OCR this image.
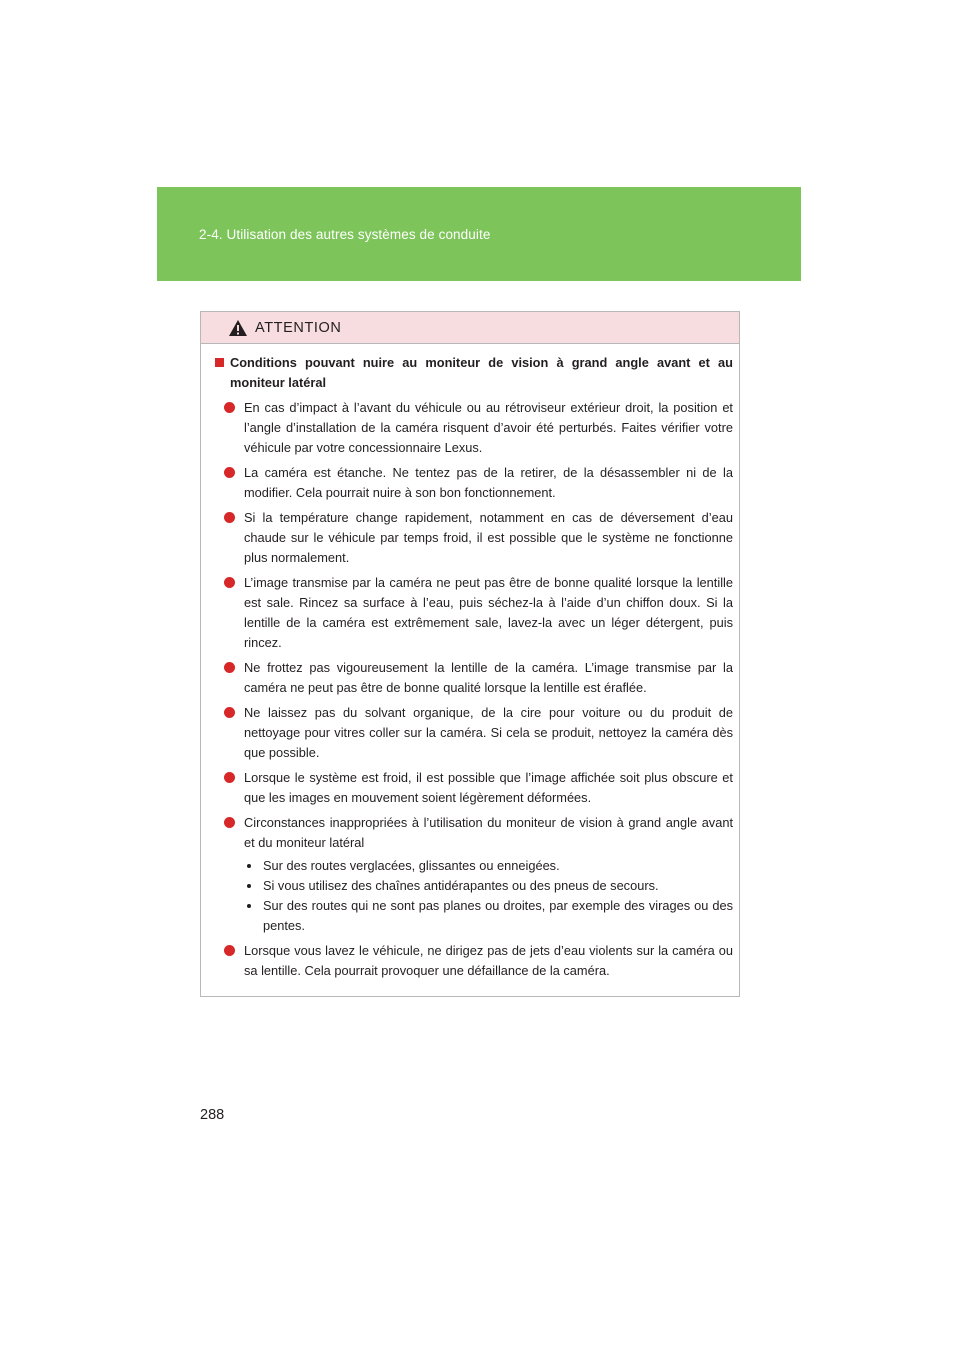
2-4. Utilisation des autres systèmes de conduite
ATTENTION
Conditions pouvant nuire au moniteur de vision à grand angle avant et au moniteur latéral
En cas d’impact à l’avant du véhicule ou au rétroviseur extérieur droit, la position et l’angle d’installation de la caméra risquent d’avoir été perturbés. Faites vérifier votre véhicule par votre concessionnaire Lexus.
La caméra est étanche. Ne tentez pas de la retirer, de la désassembler ni de la modifier. Cela pourrait nuire à son bon fonctionnement.
Si la température change rapidement, notamment en cas de déversement d’eau chaude sur le véhicule par temps froid, il est possible que le système ne fonctionne plus normalement.
L’image transmise par la caméra ne peut pas être de bonne qualité lorsque la lentille est sale. Rincez sa surface à l’eau, puis séchez-la à l’aide d’un chiffon doux. Si la lentille de la caméra est extrêmement sale, lavez-la avec un léger détergent, puis rincez.
Ne frottez pas vigoureusement la lentille de la caméra. L’image transmise par la caméra ne peut pas être de bonne qualité lorsque la lentille est éraflée.
Ne laissez pas du solvant organique, de la cire pour voiture ou du produit de nettoyage pour vitres coller sur la caméra. Si cela se produit, nettoyez la caméra dès que possible.
Lorsque le système est froid, il est possible que l’image affichée soit plus obscure et que les images en mouvement soient légèrement déformées.
Circonstances inappropriées à l’utilisation du moniteur de vision à grand angle avant et du moniteur latéral
Sur des routes verglacées, glissantes ou enneigées.
Si vous utilisez des chaînes antidérapantes ou des pneus de secours.
Sur des routes qui ne sont pas planes ou droites, par exemple des virages ou des pentes.
Lorsque vous lavez le véhicule, ne dirigez pas de jets d’eau violents sur la caméra ou sa lentille. Cela pourrait provoquer une défaillance de la caméra.
288
